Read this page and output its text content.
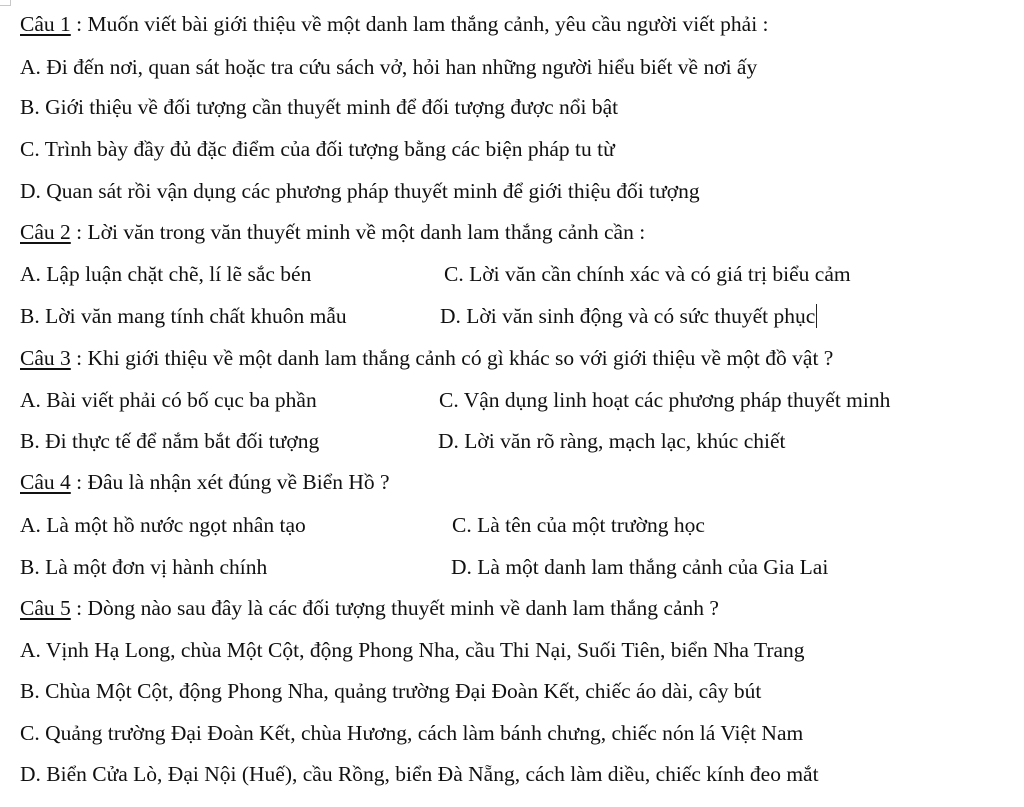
Câu 1 : Muốn viết bài giới thiệu về một danh lam thắng cảnh, yêu cầu người viết phải :
A. Đi đến nơi, quan sát hoặc tra cứu sách vở, hỏi han những người hiểu biết về nơi ấy
B. Giới thiệu về đối tượng cần thuyết minh để đối tượng được nổi bật
C. Trình bày đầy đủ đặc điểm của đối tượng bằng các biện pháp tu từ
D. Quan sát rồi vận dụng các phương pháp thuyết minh để giới thiệu đối tượng
Câu 2 : Lời văn trong văn thuyết minh về một danh lam thắng cảnh cần :
A. Lập luận chặt chẽ, lí lẽ sắc bén	C. Lời văn cần chính xác và có giá trị biểu cảm
B. Lời văn mang tính chất khuôn mẫu	D. Lời văn sinh động và có sức thuyết phục
Câu 3 : Khi giới thiệu về một danh lam thắng cảnh có gì khác so với giới thiệu về một đồ vật ?
A. Bài viết phải có bố cục ba phần	C. Vận dụng linh hoạt các phương pháp thuyết minh
B. Đi thực tế để nắm bắt đối tượng	D. Lời văn rõ ràng, mạch lạc, khúc chiết
Câu 4 : Đâu là nhận xét đúng về Biển Hồ ?
A. Là một hồ nước ngọt nhân tạo	C. Là tên của một trường học
B. Là một đơn vị hành chính	D. Là một danh lam thắng cảnh của Gia Lai
Câu 5 : Dòng nào sau đây là các đối tượng thuyết minh về danh lam thắng cảnh ?
A. Vịnh Hạ Long, chùa Một Cột, động Phong Nha, cầu Thi Nại, Suối Tiên, biển Nha Trang
B. Chùa Một Cột, động Phong Nha, quảng trường Đại Đoàn Kết, chiếc áo dài, cây bút
C. Quảng trường Đại Đoàn Kết, chùa Hương, cách làm bánh chưng, chiếc nón lá Việt Nam
D. Biển Cửa Lò, Đại Nội (Huế), cầu Rồng, biển Đà Nẵng, cách làm diều, chiếc kính đeo mắt
